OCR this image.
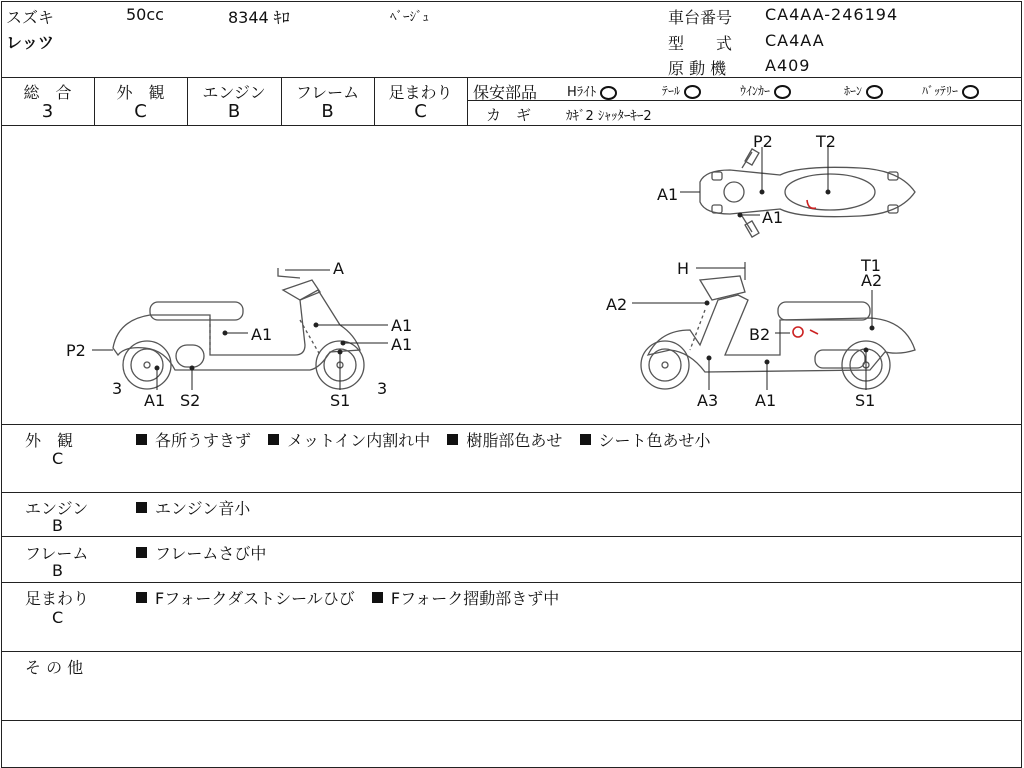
スズキ	50cc	8344 ｷﾛ	ﾍﾞｰｼﾞｭ
レッツ
車台番号 CA4AA-246194
型　　式 CA4AA
原 動 機 A409
総　合
3
外　観
C
エンジン
B
フレーム
B
足まわり
C
保安部品 Hﾗｲﾄ	ﾃｰﾙ	ｳｲﾝｶｰ	ﾎｰﾝ	ﾊﾞｯﾃﾘｰ
カ　ギ	ｶｷﾞ2 ｼｬｯﾀｰｷｰ2
A
A1	A1
A1
P2
3
A1 S2	S1
3
H
A2
B2
T1
A2
A3 A1	S1
P2	T2
A1
A1
外　観
C
各所うすきず メットイン内割れ中 樹脂部色あせ シート色あせ小
エンジン
B
エンジン音小
フレーム
B
フレームさび中
足まわり
C
Fフォークダストシールひび Fフォーク摺動部きず中
そ の 他
